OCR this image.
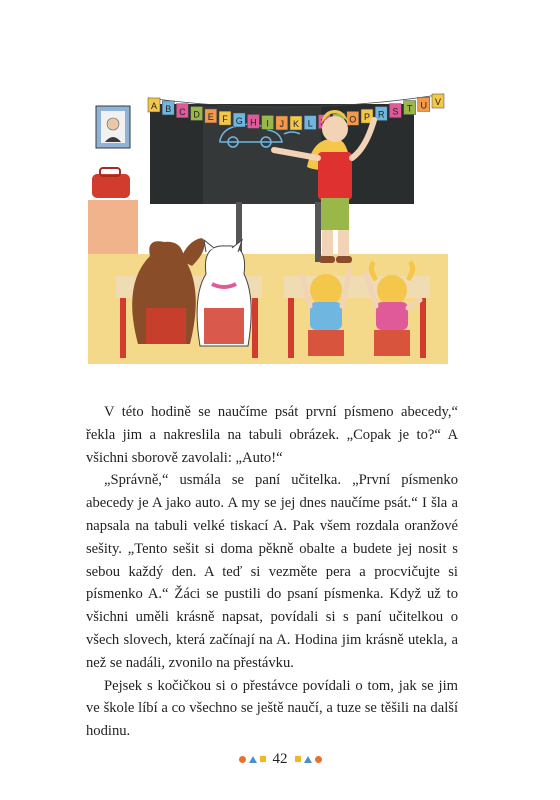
A B C D E F G H I J K L	O P R S T U V

V této hodině se naučíme psát první písmeno abecedy,“ řekla jim a nakreslila na tabuli obrázek. „Copak je to?“ A všichni sborově zavolali: „Auto!“

„Správně,“ usmála se paní učitelka. „První písmenko abecedy je A jako auto. A my se jej dnes naučíme psát.“ I šla a napsala na tabuli velké tiskací A. Pak všem rozdala oranžové sešity. „Tento sešit si doma pěkně obalte a budete jej nosit s sebou každý den. A teď si vezměte pera a procvičujte si písmenko A.“ Žáci se pustili do psaní písmenka. Když už to všichni uměli krásně napsat, povídali si s paní učitelkou o všech slovech, která začínají na A. Hodina jim krásně utekla, a než se nadáli, zvonilo na přestávku.

Pejsek s kočičkou si o přestávce povídali o tom, jak se jim ve škole líbí a co všechno se ještě naučí, a tuze se těšili na další hodinu.

42
